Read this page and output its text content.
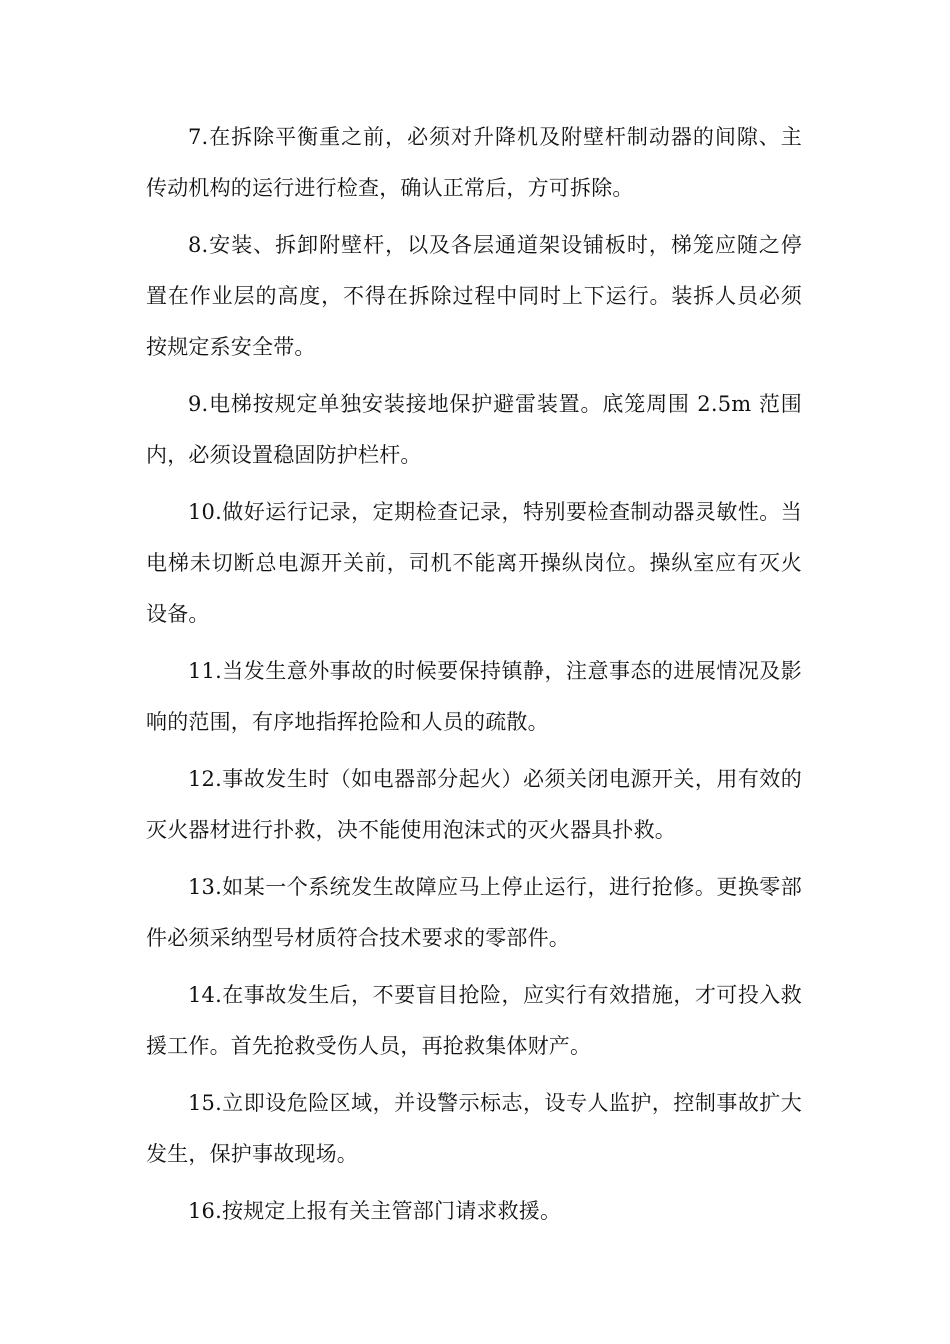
7.在拆除平衡重之前，必须对升降机及附壁杆制动器的间隙、主传动机构的运行进行检查，确认正常后，方可拆除。

8.安装、拆卸附壁杆，以及各层通道架设铺板时，梯笼应随之停置在作业层的高度，不得在拆除过程中同时上下运行。装拆人员必须按规定系安全带。

9.电梯按规定单独安装接地保护避雷装置。底笼周围 2.5m 范围内，必须设置稳固防护栏杆。

10.做好运行记录，定期检查记录，特别要检查制动器灵敏性。当电梯未切断总电源开关前，司机不能离开操纵岗位。操纵室应有灭火设备。

11.当发生意外事故的时候要保持镇静，注意事态的进展情况及影响的范围，有序地指挥抢险和人员的疏散。

12.事故发生时（如电器部分起火）必须关闭电源开关，用有效的灭火器材进行扑救，决不能使用泡沫式的灭火器具扑救。

13.如某一个系统发生故障应马上停止运行，进行抢修。更换零部件必须采纳型号材质符合技术要求的零部件。

14.在事故发生后，不要盲目抢险，应实行有效措施，才可投入救援工作。首先抢救受伤人员，再抢救集体财产。

15.立即设危险区域，并设警示标志，设专人监护，控制事故扩大发生，保护事故现场。

16.按规定上报有关主管部门请求救援。
